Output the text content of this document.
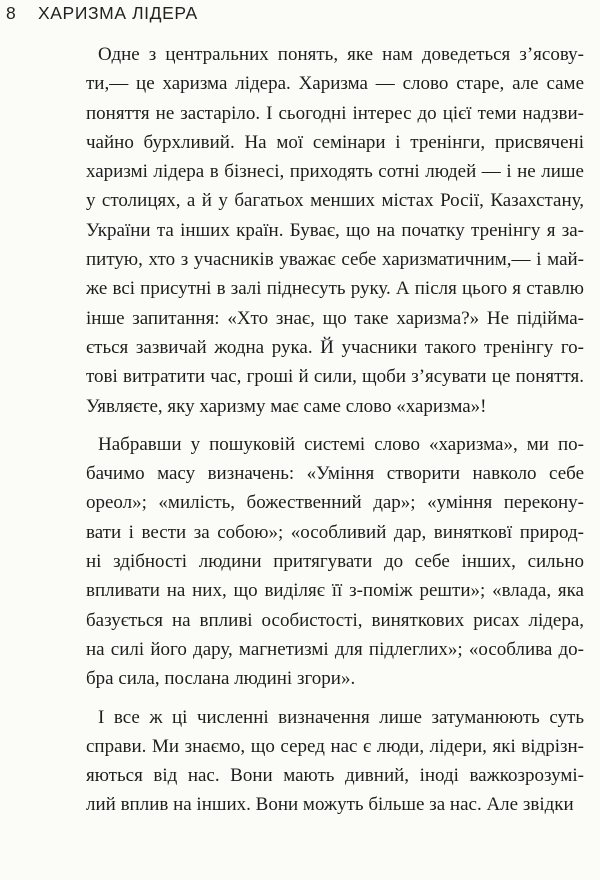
8 ХАРИЗМА ЛІДЕРА
Одне з центральних понять, яке нам доведеться з’ясову-
ти,— це харизма лідера. Харизма — слово старе, але саме
поняття не застаріло. І сьогодні інтерес до цієї теми надзви-
чайно бурхливий. На мої семінари і тренінги, присвячені
харизмі лідера в бізнесі, приходять сотні людей — і не лише
у столицях, а й у багатьох менших містах Росії, Казахстану,
України та інших країн. Буває, що на початку тренінгу я за-
питую, хто з учасників уважає себе харизматичним,— і май-
же всі присутні в залі піднесуть руку. А після цього я ставлю
інше запитання: «Хто знає, що таке харизма?» Не підійма-
ється зазвичай жодна рука. Й учасники такого тренінгу го-
тові витратити час, гроші й сили, щоби з’ясувати це поняття.
Уявляєте, яку харизму має саме слово «харизма»!
Набравши у пошуковій системі слово «харизма», ми по-
бачимо масу визначень: «Уміння створити навколо себе
ореол»; «милість, божественний дар»; «уміння перекону-
вати і вести за собою»; «особливий дар, винятковї природ-
ні здібності людини притягувати до себе інших, сильно
впливати на них, що виділяє її з-поміж решти»; «влада, яка
базується на впливі особистості, виняткових рисах лідера,
на силі його дару, магнетизмі для підлеглих»; «особлива до-
бра сила, послана людині згори».
І все ж ці численні визначення лише затуманюють суть
справи. Ми знаємо, що серед нас є люди, лідери, які відрізн-
яються від нас. Вони мають дивний, іноді важкозрозумі-
лий вплив на інших. Вони можуть більше за нас. Але звідки
